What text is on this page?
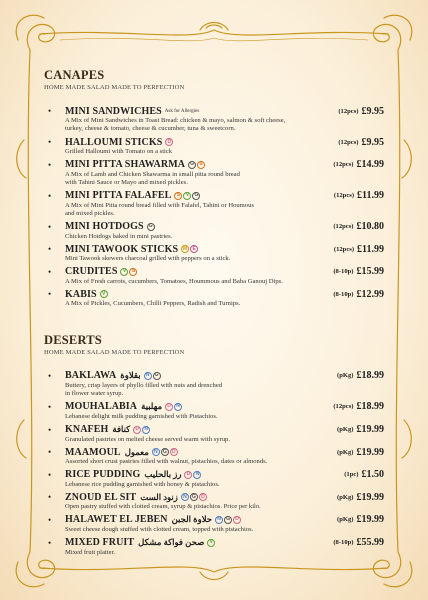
CANAPES
HOME MADE SALAD MADE TO PERFECTION
• MINI SANDWICHES Ask for Allergies	(12pcs) £9.95
A Mix of Mini Sandwiches in Toast Bread: chicken & mayo, salmon & soft cheese,
turkey, cheese & tomato, cheese & cucumber, tuna & sweetcorn.
• HALLOUMI STICKS	D	(12pcs) £9.95
Grilled Halloumi with Tomato on a stick
• MINI PITTA SHAWARMA	G	S	(12pcs) £14.99
A Mix of Lamb and Chicken Shawarma in small pitta round bread
with Tahini Sauce or Mayo and mixed pickles.
• MINI PITTA FALAFEL	S	V	G	(12pcs) £11.99
A Mix of Mini Pitta round bread filled with Falafel, Tahini or Houmous
and mixed pickles.
• MINI HOTDOGS	G	(12pcs) £10.80
Chicken Hotdogs baked in mini pastries.
• MINI TAWOOK STICKS M	E	(12pcs) £11.99
Mini Tawook skewers charcoal grilled with peppers on a stick.
• CRUDITES	V	S	(8-10p) £15.99
A Mix of Fresh carrots, cucumbers, Tomatoes, Hoummous and Baba Ganouj Dips.
• KABIS	V	(8-10p) £12.99
A Mix of Pickles, Cucumbers, Chilli Peppers, Radish and Turnips.
DESERTS
HOME MADE SALAD MADE TO PERFECTION
• BAKLAWA بقلاوة	N	G	(pKg) £18.99
Buttery, crisp layers of phyllo filled with nuts and drenched
in flower water syrup.
• MOUHALABIA مهلبية	D	N	(12pcs) £18.99
Lebanese delight milk pudding garnished with Pistachios.
• KNAFEH كنافة	D	N	(pKg) £19.99
Granulated pastries on melted cheese served warm with syrup.
• MAAMOUL معمول	N	G	D	(pKg) £19.99
Assorted short crust pastries filled with walnut, pistachios, dates or almonds.
• RICE PUDDING رز بالحليب	D	N	(1pc) £1.50
Lebanese rice pudding garnished with honey & pistachios.
• ZNOUD EL SIT زنود الست	N	G	D	(pKg) £19.99
Open pastry stuffed with clotted cream, syrup & pistachios. Price per kilo.
• HALAWET EL JEBEN حلاوة الجبن	N	G	D	(pKg) £19.99
Sweet cheese dough stuffed with clotted cream, topped with pistachios.
• MIXED FRUIT صحن فواكة مشكل	V	(8-10p) £55.99
Mixed fruit platter.
